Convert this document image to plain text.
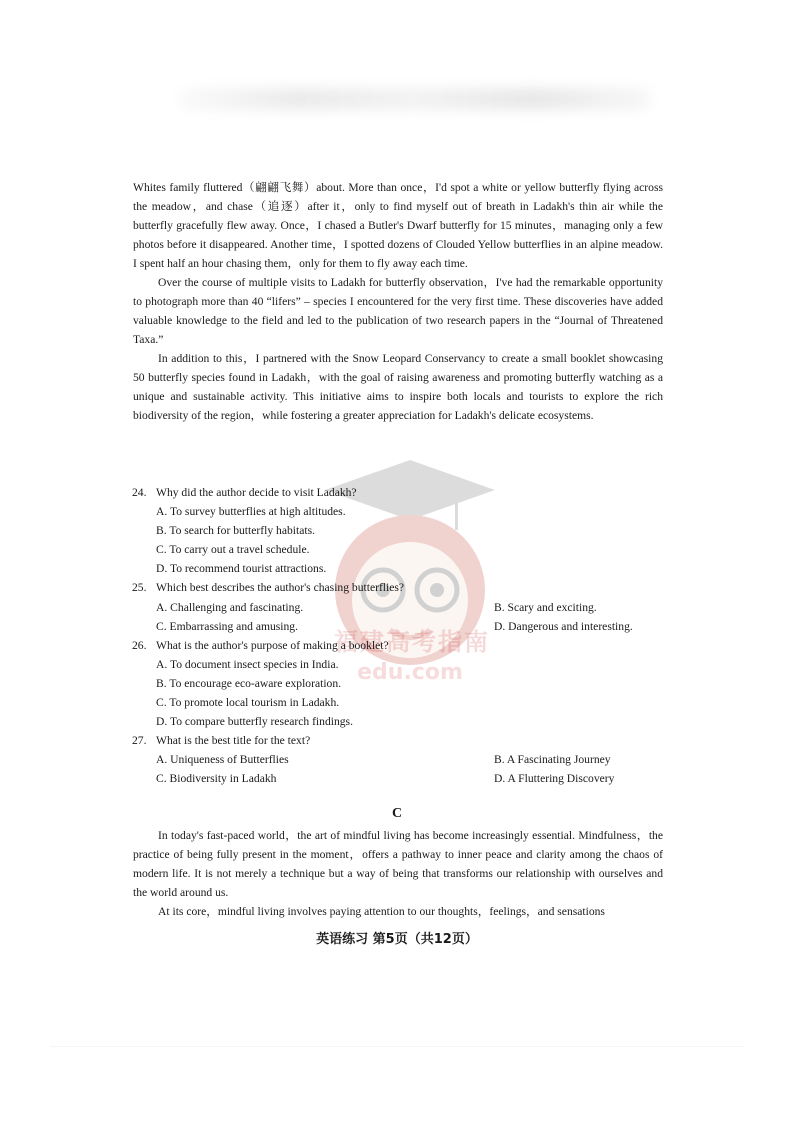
Whites family fluttered（翩翩飞舞）about. More than once，I'd spot a white or yellow butterfly flying across the meadow，and chase（追逐）after it，only to find myself out of breath in Ladakh's thin air while the butterfly gracefully flew away. Once，I chased a Butler's Dwarf butterfly for 15 minutes，managing only a few photos before it disappeared. Another time，I spotted dozens of Clouded Yellow butterflies in an alpine meadow. I spent half an hour chasing them，only for them to fly away each time.

Over the course of multiple visits to Ladakh for butterfly observation，I've had the remarkable opportunity to photograph more than 40 “lifers” – species I encountered for the very first time. These discoveries have added valuable knowledge to the field and led to the publication of two research papers in the “Journal of Threatened Taxa.”

In addition to this，I partnered with the Snow Leopard Conservancy to create a small booklet showcasing 50 butterfly species found in Ladakh，with the goal of raising awareness and promoting butterfly watching as a unique and sustainable activity. This initiative aims to inspire both locals and tourists to explore the rich biodiversity of the region，while fostering a greater appreciation for Ladakh's delicate ecosystems.

福建高考指南
edu.com
24. Why did the author decide to visit Ladakh?
A. To survey butterflies at high altitudes.
B. To search for butterfly habitats.
C. To carry out a travel schedule.
D. To recommend tourist attractions.
25. Which best describes the author's chasing butterflies?
A. Challenging and fascinating.	B. Scary and exciting.
C. Embarrassing and amusing.	D. Dangerous and interesting.
26. What is the author's purpose of making a booklet?
A. To document insect species in India.
B. To encourage eco-aware exploration.
C. To promote local tourism in Ladakh.
D. To compare butterfly research findings.
27. What is the best title for the text?
A. Uniqueness of Butterflies	B. A Fascinating Journey
C. Biodiversity in Ladakh	D. A Fluttering Discovery
C

In today's fast-paced world，the art of mindful living has become increasingly essential. Mindfulness，the practice of being fully present in the moment，offers a pathway to inner peace and clarity among the chaos of modern life. It is not merely a technique but a way of being that transforms our relationship with ourselves and the world around us.

At its core，mindful living involves paying attention to our thoughts，feelings，and sensations

英语练习 第5页（共12页）
